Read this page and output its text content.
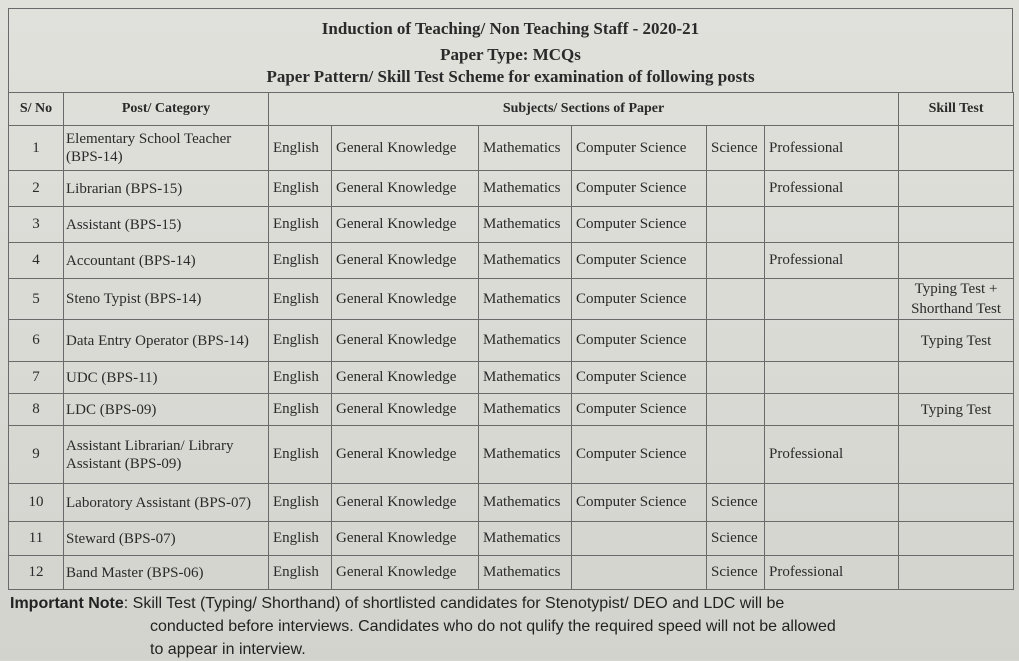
Induction of Teaching/ Non Teaching Staff - 2020-21
Paper Type: MCQs
Paper Pattern/ Skill Test Scheme for examination of following posts
S/ No	Post/ Category	Subjects/ Sections of Paper						Skill Test
1	Elementary School Teacher (BPS-14)	English	General Knowledge	Mathematics	Computer Science	Science	Professional	
2	Librarian (BPS-15)	English	General Knowledge	Mathematics	Computer Science		Professional	
3	Assistant (BPS-15)	English	General Knowledge	Mathematics	Computer Science			
4	Accountant (BPS-14)	English	General Knowledge	Mathematics	Computer Science		Professional	
5	Steno Typist (BPS-14)	English	General Knowledge	Mathematics	Computer Science			Typing Test + Shorthand Test
6	Data Entry Operator (BPS-14)	English	General Knowledge	Mathematics	Computer Science			Typing Test
7	UDC (BPS-11)	English	General Knowledge	Mathematics	Computer Science			
8	LDC (BPS-09)	English	General Knowledge	Mathematics	Computer Science			Typing Test
9	Assistant Librarian/ Library Assistant (BPS-09)	English	General Knowledge	Mathematics	Computer Science		Professional	
10	Laboratory Assistant (BPS-07)	English	General Knowledge	Mathematics	Computer Science	Science		
11	Steward (BPS-07)	English	General Knowledge	Mathematics		Science		
12	Band Master (BPS-06)	English	General Knowledge	Mathematics		Science	Professional	
Important Note: Skill Test (Typing/ Shorthand) of shortlisted candidates for Stenotypist/ DEO and LDC will be
conducted before interviews. Candidates who do not qulify the required speed will not be allowed
to appear in interview.
